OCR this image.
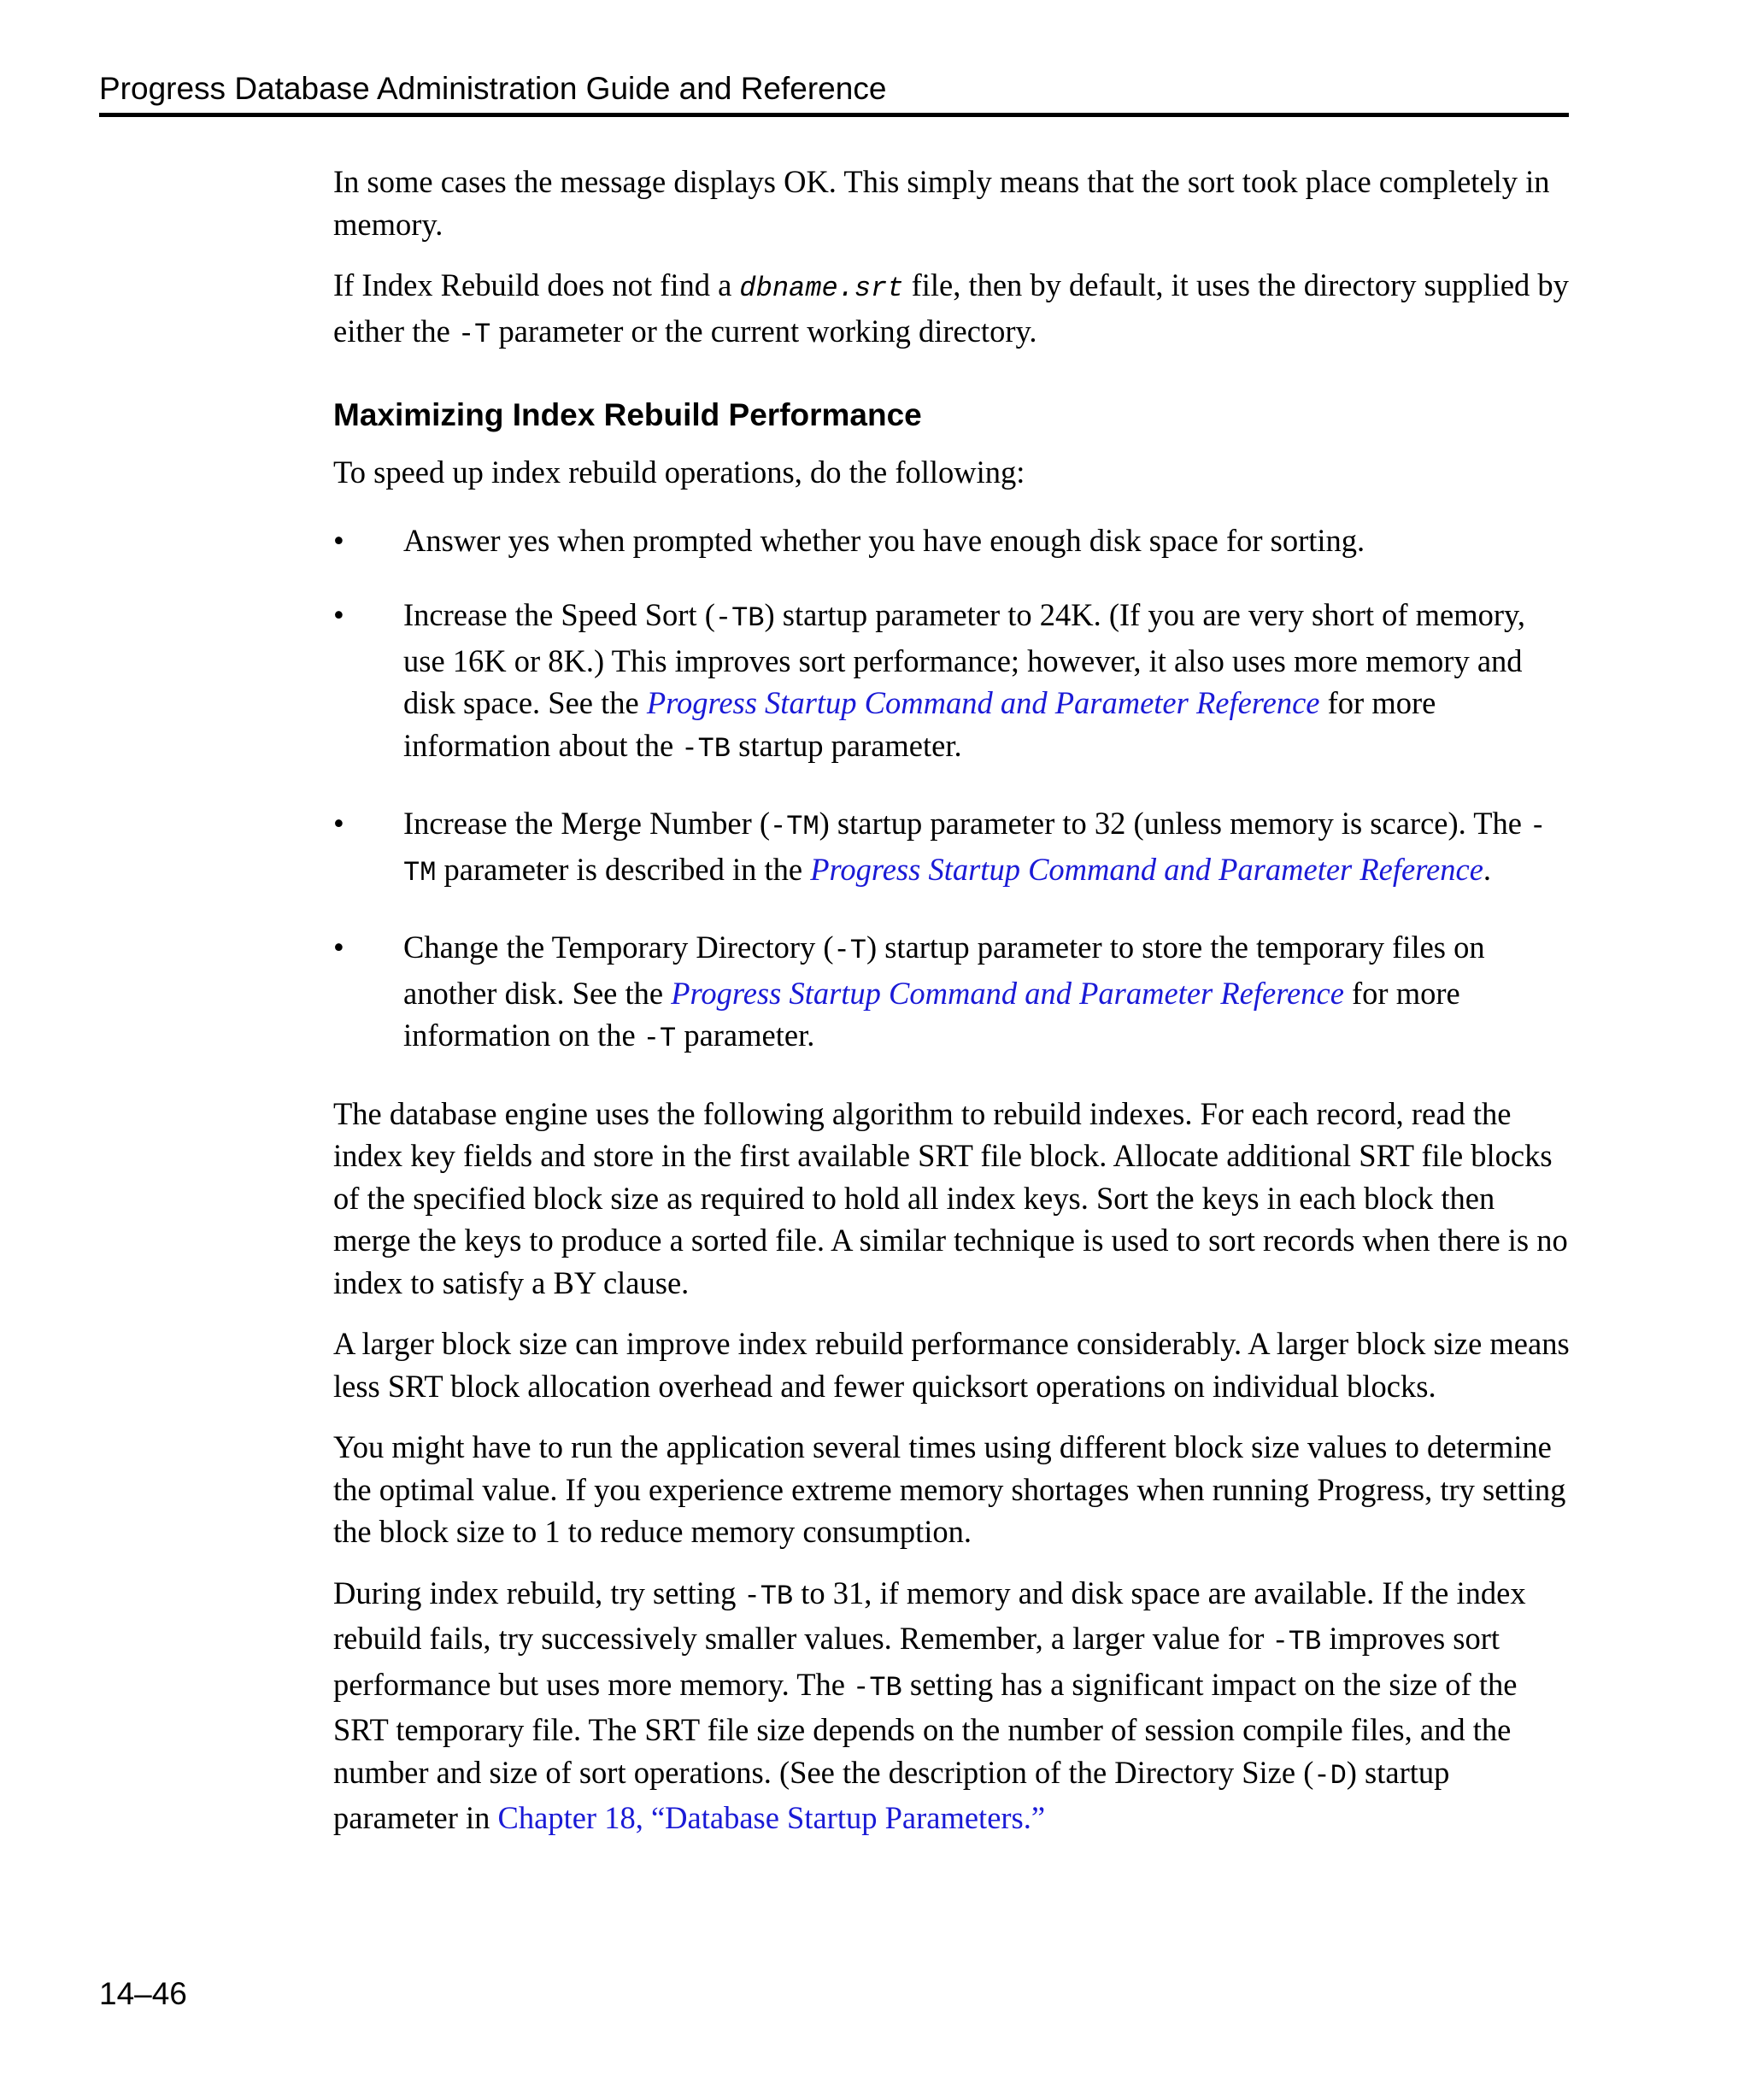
Progress Database Administration Guide and Reference

In some cases the message displays OK. This simply means that the sort took place completely in memory.

If Index Rebuild does not find a dbname.srt file, then by default, it uses the directory supplied by either the -T parameter or the current working directory.

Maximizing Index Rebuild Performance

To speed up index rebuild operations, do the following:

• Answer yes when prompted whether you have enough disk space for sorting.
• Increase the Speed Sort (-TB) startup parameter to 24K. (If you are very short of memory, use 16K or 8K.) This improves sort performance; however, it also uses more memory and disk space. See the Progress Startup Command and Parameter Reference for more information about the -TB startup parameter.
• Increase the Merge Number (-TM) startup parameter to 32 (unless memory is scarce). The -TM parameter is described in the Progress Startup Command and Parameter Reference.
• Change the Temporary Directory (-T) startup parameter to store the temporary files on another disk. See the Progress Startup Command and Parameter Reference for more information on the -T parameter.

The database engine uses the following algorithm to rebuild indexes. For each record, read the index key fields and store in the first available SRT file block. Allocate additional SRT file blocks of the specified block size as required to hold all index keys. Sort the keys in each block then merge the keys to produce a sorted file. A similar technique is used to sort records when there is no index to satisfy a BY clause.

A larger block size can improve index rebuild performance considerably. A larger block size means less SRT block allocation overhead and fewer quicksort operations on individual blocks.

You might have to run the application several times using different block size values to determine the optimal value. If you experience extreme memory shortages when running Progress, try setting the block size to 1 to reduce memory consumption.

During index rebuild, try setting -TB to 31, if memory and disk space are available. If the index rebuild fails, try successively smaller values. Remember, a larger value for -TB improves sort performance but uses more memory. The -TB setting has a significant impact on the size of the SRT temporary file. The SRT file size depends on the number of session compile files, and the number and size of sort operations. (See the description of the Directory Size (-D) startup parameter in Chapter 18, “Database Startup Parameters.”

14–46
